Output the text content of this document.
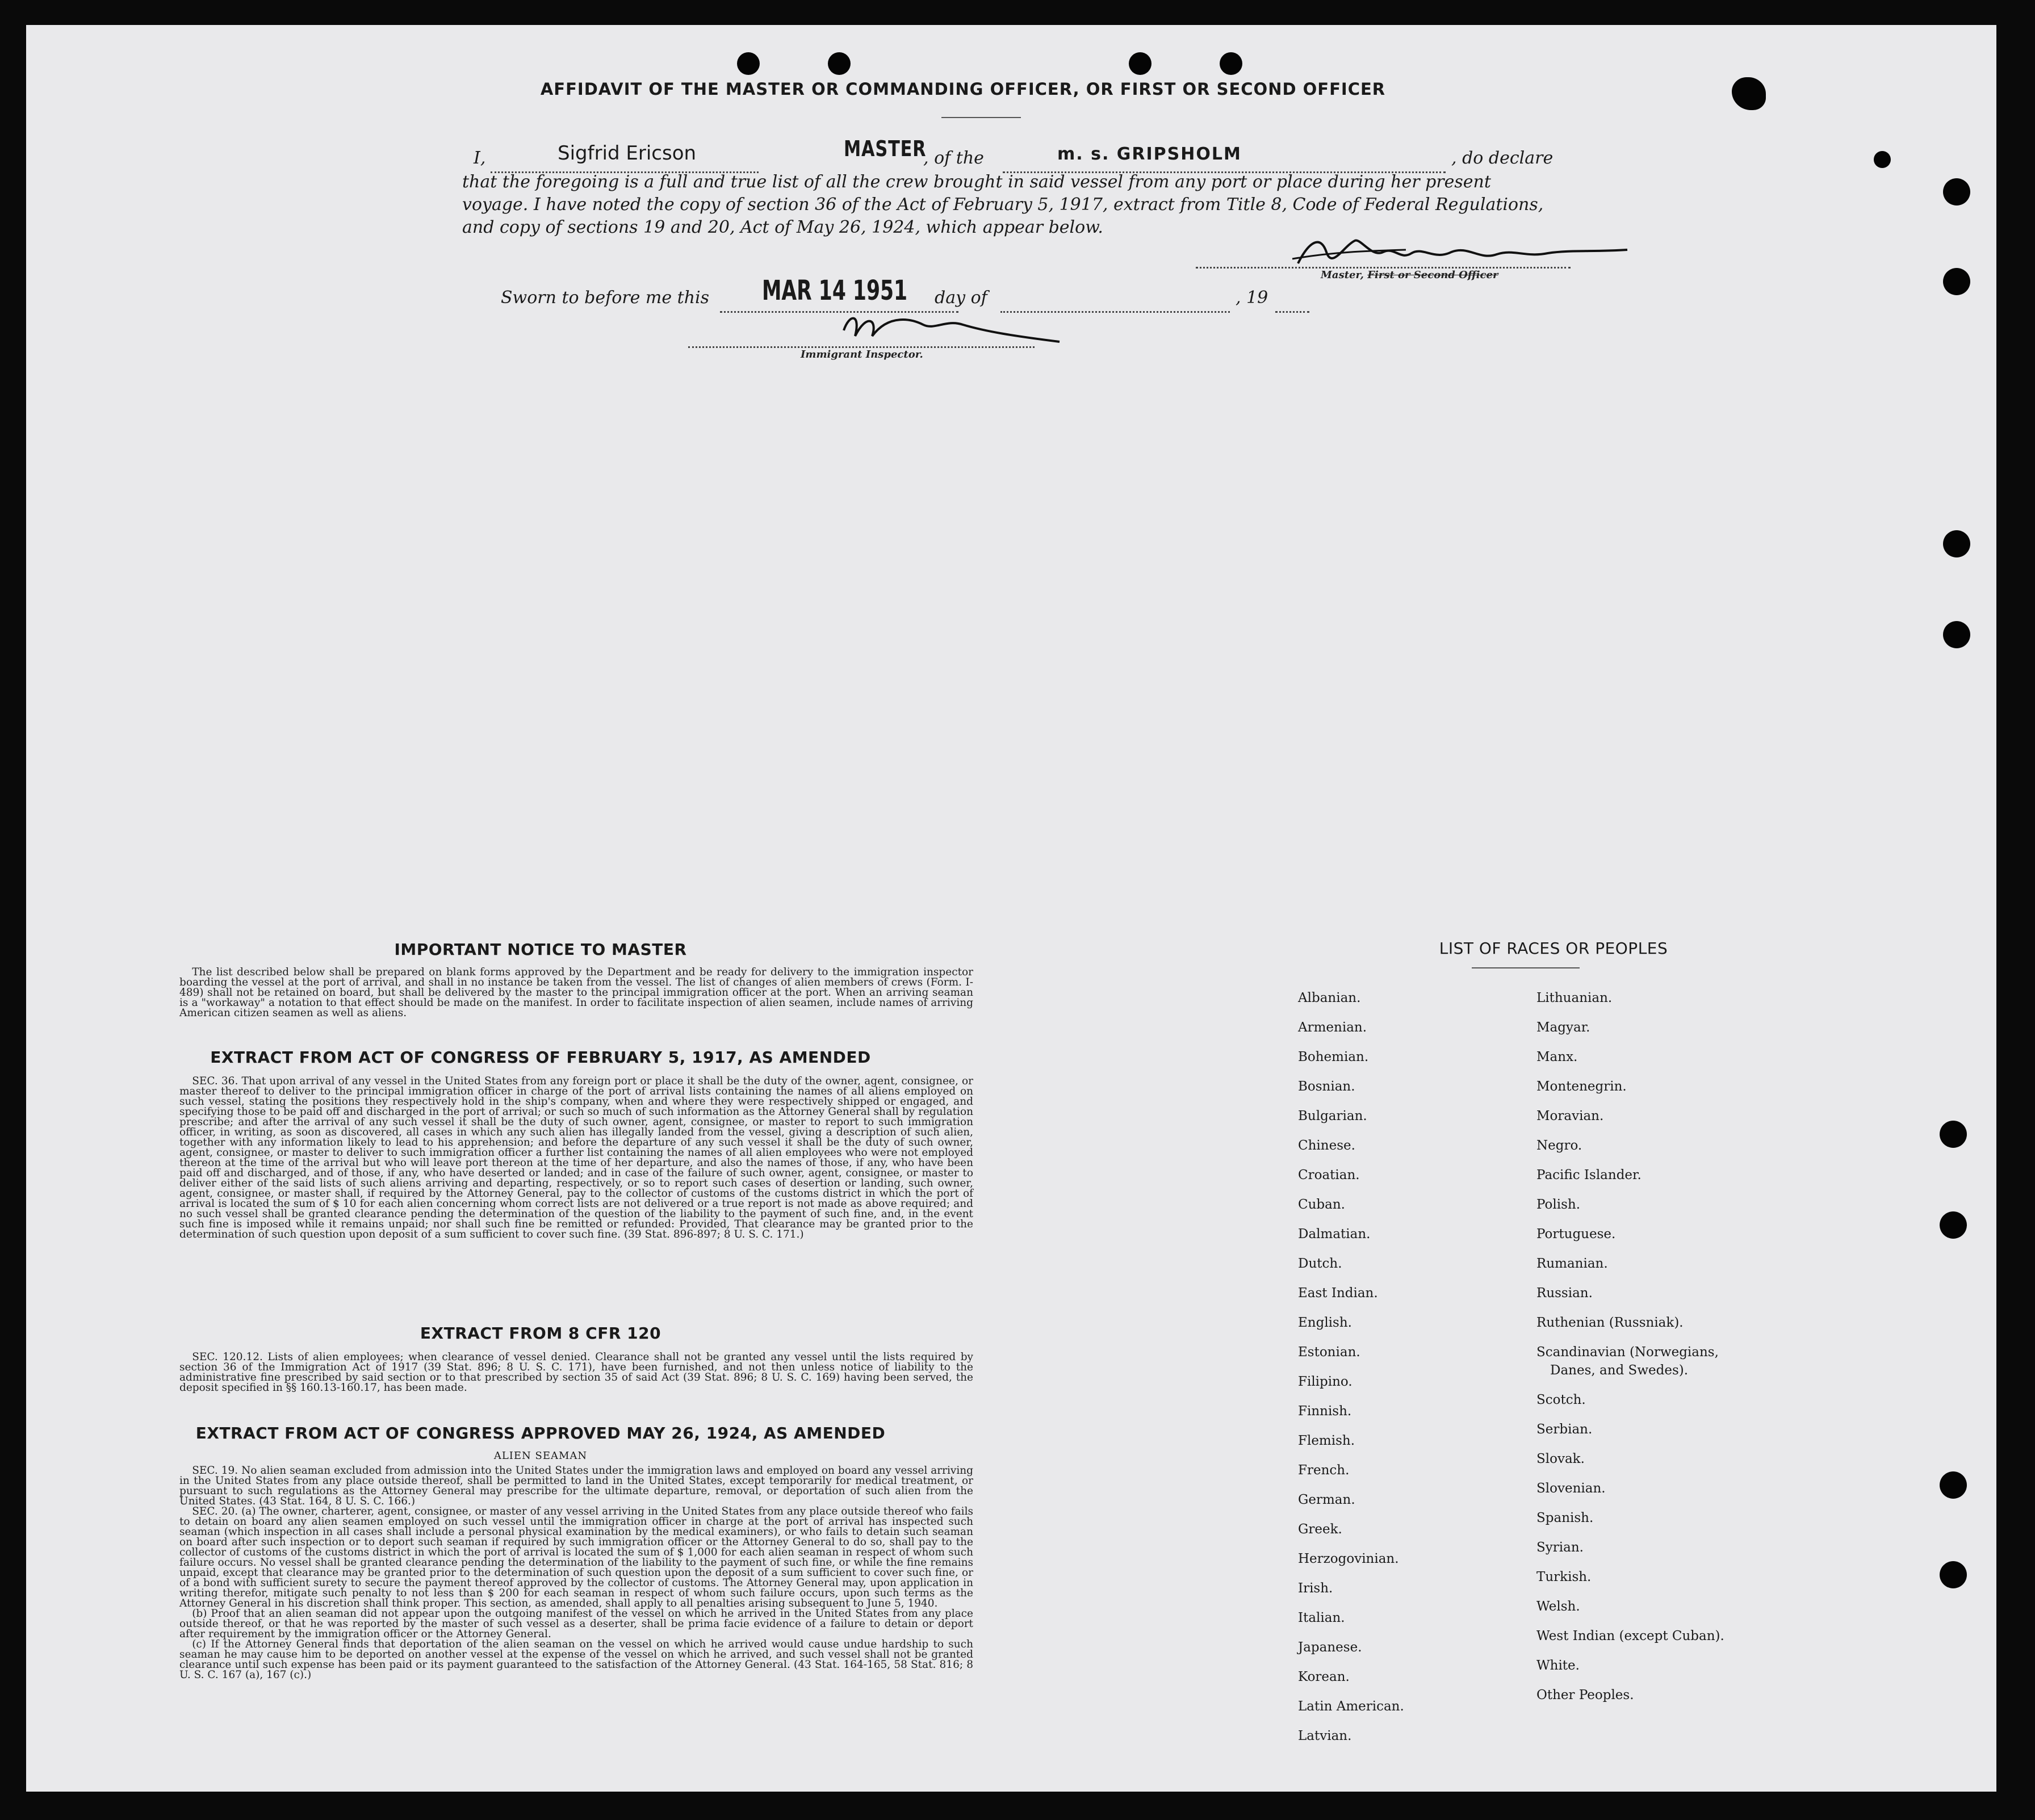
AFFIDAVIT OF THE MASTER OR COMMANDING OFFICER, OR FIRST OR SECOND OFFICER
I,	Sigfrid Ericson	MASTER
, of the	m. s. GRIPSHOLM	, do declare
that the foregoing is a full and true list of all the crew brought in said vessel from any port or place during her present
voyage. I have noted the copy of section 36 of the Act of February 5, 1917, extract from Title 8, Code of Federal Regulations,
and copy of sections 19 and 20, Act of May 26, 1924, which appear below.
Master, First or Second Officer
Sworn to before me this MAR 14 1951 day of	, 19
Immigrant Inspector.
IMPORTANT NOTICE TO MASTER

The list described below shall be prepared on blank forms approved by the Department and be ready for delivery to the immigration inspector boarding the vessel at the port of arrival, and shall in no instance be taken from the vessel. The list of changes of alien members of crews (Form. I-489) shall not be retained on board, but shall be delivered by the master to the principal immigration officer at the port. When an arriving seaman is a "workaway" a notation to that effect should be made on the manifest. In order to facilitate inspection of alien seamen, include names of arriving American citizen seamen as well as aliens.

EXTRACT FROM ACT OF CONGRESS OF FEBRUARY 5, 1917, AS AMENDED

SEC. 36. That upon arrival of any vessel in the United States from any foreign port or place it shall be the duty of the owner, agent, consignee, or master thereof to deliver to the principal immigration officer in charge of the port of arrival lists containing the names of all aliens employed on such vessel, stating the positions they respectively hold in the ship's company, when and where they were respectively shipped or engaged, and specifying those to be paid off and discharged in the port of arrival; or such so much of such information as the Attorney General shall by regulation prescribe; and after the arrival of any such vessel it shall be the duty of such owner, agent, consignee, or master to report to such immigration officer, in writing, as soon as discovered, all cases in which any such alien has illegally landed from the vessel, giving a description of such alien, together with any information likely to lead to his apprehension; and before the departure of any such vessel it shall be the duty of such owner, agent, consignee, or master to deliver to such immigration officer a further list containing the names of all alien employees who were not employed thereon at the time of the arrival but who will leave port thereon at the time of her departure, and also the names of those, if any, who have been paid off and discharged, and of those, if any, who have deserted or landed; and in case of the failure of such owner, agent, consignee, or master to deliver either of the said lists of such aliens arriving and departing, respectively, or so to report such cases of desertion or landing, such owner, agent, consignee, or master shall, if required by the Attorney General, pay to the collector of customs of the customs district in which the port of arrival is located the sum of $ 10 for each alien concerning whom correct lists are not delivered or a true report is not made as above required; and no such vessel shall be granted clearance pending the determination of the question of the liability to the payment of such fine, and, in the event such fine is imposed while it remains unpaid; nor shall such fine be remitted or refunded: Provided, That clearance may be granted prior to the determination of such question upon deposit of a sum sufficient to cover such fine. (39 Stat. 896-897; 8 U. S. C. 171.)

EXTRACT FROM 8 CFR 120

SEC. 120.12. Lists of alien employees; when clearance of vessel denied. Clearance shall not be granted any vessel until the lists required by section 36 of the Immigration Act of 1917 (39 Stat. 896; 8 U. S. C. 171), have been furnished, and not then unless notice of liability to the administrative fine prescribed by said section or to that prescribed by section 35 of said Act (39 Stat. 896; 8 U. S. C. 169) having been served, the deposit specified in §§ 160.13-160.17, has been made.

EXTRACT FROM ACT OF CONGRESS APPROVED MAY 26, 1924, AS AMENDED
ALIEN SEAMAN

SEC. 19. No alien seaman excluded from admission into the United States under the immigration laws and employed on board any vessel arriving in the United States from any place outside thereof, shall be permitted to land in the United States, except temporarily for medical treatment, or pursuant to such regulations as the Attorney General may prescribe for the ultimate departure, removal, or deportation of such alien from the United States. (43 Stat. 164, 8 U. S. C. 166.)

SEC. 20. (a) The owner, charterer, agent, consignee, or master of any vessel arriving in the United States from any place outside thereof who fails to detain on board any alien seamen employed on such vessel until the immigration officer in charge at the port of arrival has inspected such seaman (which inspection in all cases shall include a personal physical examination by the medical examiners), or who fails to detain such seaman on board after such inspection or to deport such seaman if required by such immigration officer or the Attorney General to do so, shall pay to the collector of customs of the customs district in which the port of arrival is located the sum of $ 1,000 for each alien seaman in respect of whom such failure occurs. No vessel shall be granted clearance pending the determination of the liability to the payment of such fine, or while the fine remains unpaid, except that clearance may be granted prior to the determination of such question upon the deposit of a sum sufficient to cover such fine, or of a bond with sufficient surety to secure the payment thereof approved by the collector of customs. The Attorney General may, upon application in writing therefor, mitigate such penalty to not less than $ 200 for each seaman in respect of whom such failure occurs, upon such terms as the Attorney General in his discretion shall think proper. This section, as amended, shall apply to all penalties arising subsequent to June 5, 1940.

(b) Proof that an alien seaman did not appear upon the outgoing manifest of the vessel on which he arrived in the United States from any place outside thereof, or that he was reported by the master of such vessel as a deserter, shall be prima facie evidence of a failure to detain or deport after requirement by the immigration officer or the Attorney General.

(c) If the Attorney General finds that deportation of the alien seaman on the vessel on which he arrived would cause undue hardship to such seaman he may cause him to be deported on another vessel at the expense of the vessel on which he arrived, and such vessel shall not be granted clearance until such expense has been paid or its payment guaranteed to the satisfaction of the Attorney General. (43 Stat. 164-165, 58 Stat. 816; 8 U. S. C. 167 (a), 167 (c).)

LIST OF RACES OR PEOPLES
Albanian.
Armenian.
Bohemian.
Bosnian.
Bulgarian.
Chinese.
Croatian.
Cuban.
Dalmatian.
Dutch.
East Indian.
English.
Estonian.
Filipino.
Finnish.
Flemish.
French.
German.
Greek.
Herzogovinian.
Irish.
Italian.
Japanese.
Korean.
Latin American.
Latvian.
Lithuanian.
Magyar.
Manx.
Montenegrin.
Moravian.
Negro.
Pacific Islander.
Polish.
Portuguese.
Rumanian.
Russian.
Ruthenian (Russniak).
Scandinavian (Norwegians,
Danes, and Swedes).
Scotch.
Serbian.
Slovak.
Slovenian.
Spanish.
Syrian.
Turkish.
Welsh.
West Indian (except Cuban).
White.
Other Peoples.
